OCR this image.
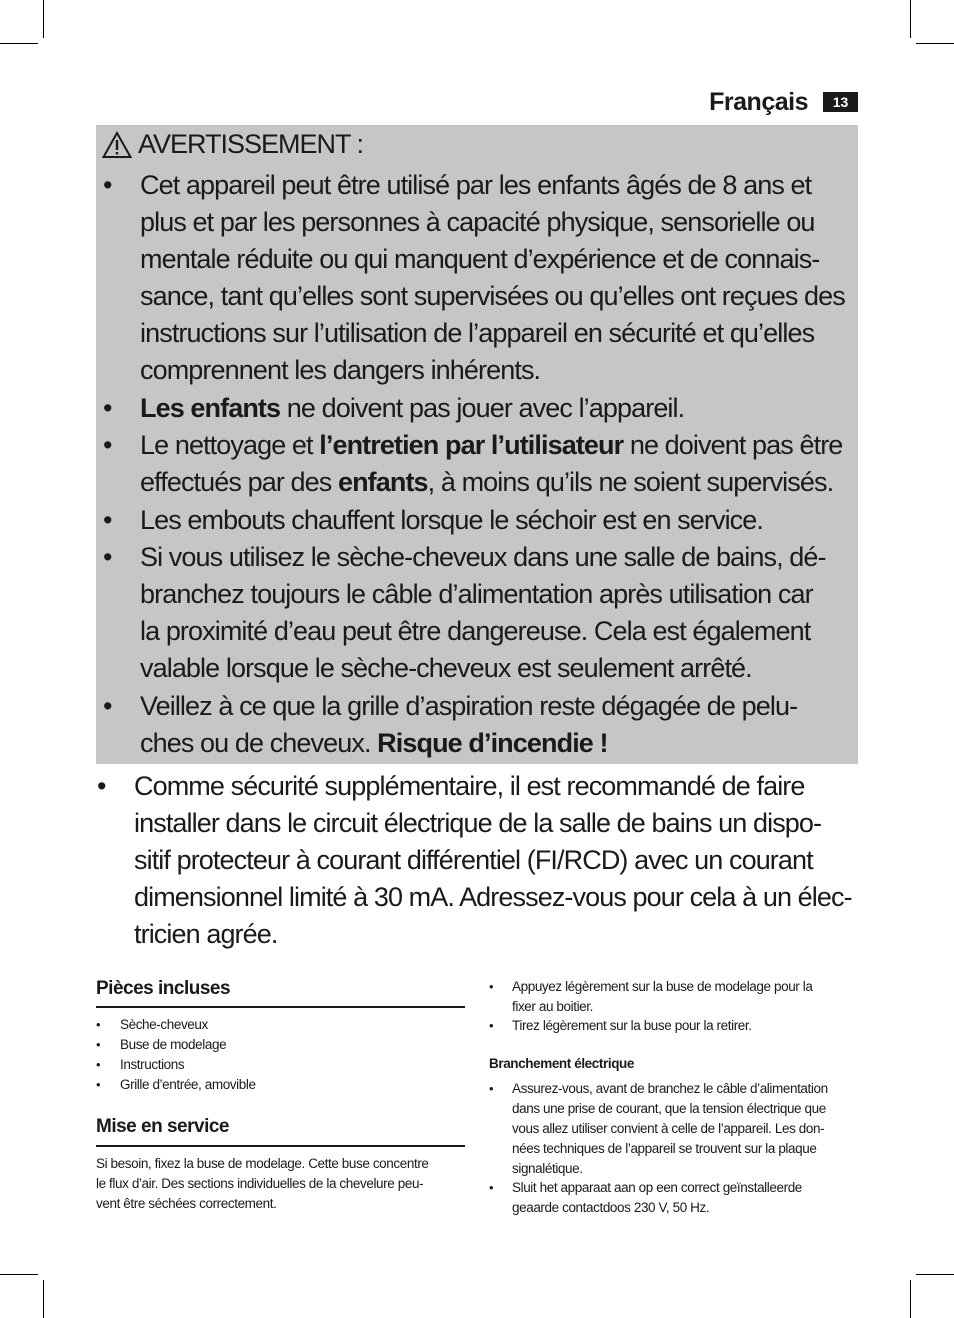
Français	13
AVERTISSEMENT :
• Cet appareil peut être utilisé par les enfants âgés de 8 ans et
plus et par les personnes à capacité physique, sensorielle ou
mentale réduite ou qui manquent d’expérience et de connais-
sance, tant qu’elles sont supervisées ou qu’elles ont reçues des
instructions sur l’utilisation de l’appareil en sécurité et qu’elles
comprennent les dangers inhérents.
• Les enfants ne doivent pas jouer avec l’appareil.
• Le nettoyage et l’entretien par l’utilisateur ne doivent pas être
effectués par des enfants, à moins qu’ils ne soient supervisés.
• Les embouts chauffent lorsque le séchoir est en service.
• Si vous utilisez le sèche-cheveux dans une salle de bains, dé-
branchez toujours le câble d’alimentation après utilisation car
la proximité d’eau peut être dangereuse. Cela est également
valable lorsque le sèche-cheveux est seulement arrêté.
• Veillez à ce que la grille d’aspiration reste dégagée de pelu-
ches ou de cheveux. Risque d’incendie !
• Comme sécurité supplémentaire, il est recommandé de faire
installer dans le circuit électrique de la salle de bains un dispo-
sitif protecteur à courant différentiel (FI/RCD) avec un courant
dimensionnel limité à 30 mA. Adressez-vous pour cela à un élec-
tricien agrée.
Pièces incluses
• Sèche-cheveux
• Buse de modelage
• Instructions
• Grille d’entrée, amovible
Mise en service
Si besoin, fixez la buse de modelage. Cette buse concentre
le flux d’air. Des sections individuelles de la chevelure peu-
vent être séchées correctement.
• Appuyez légèrement sur la buse de modelage pour la
fixer au boitier.
• Tirez légèrement sur la buse pour la retirer.
Branchement électrique
• Assurez-vous, avant de branchez le câble d’alimentation
dans une prise de courant, que la tension électrique que
vous allez utiliser convient à celle de l’appareil. Les don-
nées techniques de l’appareil se trouvent sur la plaque
signalétique.
• Sluit het apparaat aan op een correct geïnstalleerde
geaarde contactdoos 230 V, 50 Hz.
